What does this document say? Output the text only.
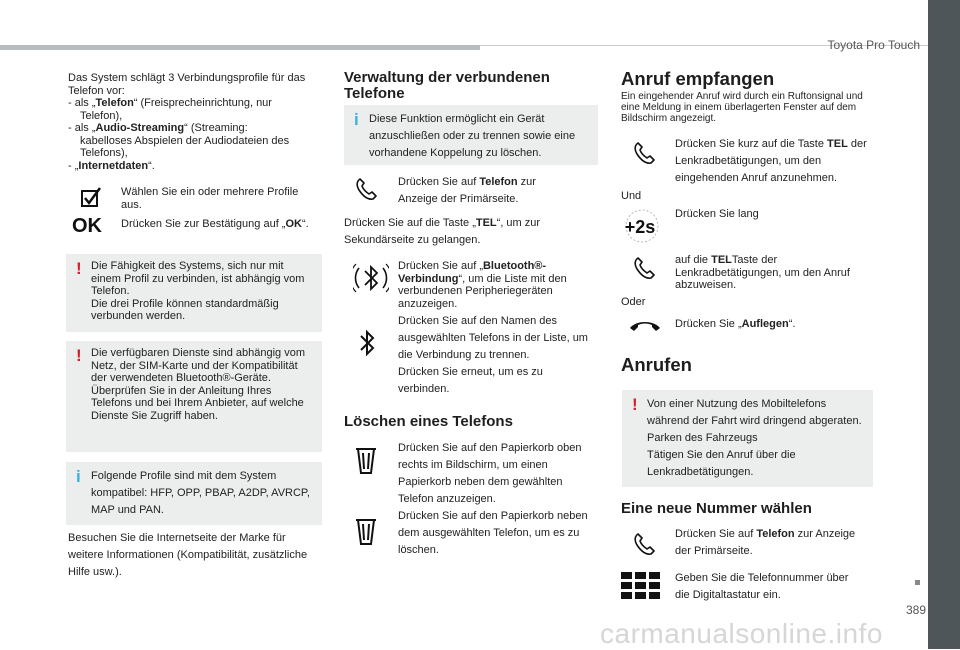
Toyota Pro Touch

Das System schlägt 3 Verbindungsprofile für das Telefon vor:

- als „Telefon“ (Freisprecheinrichtung, nur

Telefon),

- als „Audio-Streaming“ (Streaming:

kabelloses Abspielen der Audiodateien des Telefons),

- „Internetdaten“.

Wählen Sie ein oder mehrere Profile aus.
OK Drücken Sie zur Bestätigung auf „OK“.
! Die Fähigkeit des Systems, sich nur mit einem Profil zu verbinden, ist abhängig vom Telefon.
Die drei Profile können standardmäßig verbunden werden.
! Die verfügbaren Dienste sind abhängig vom Netz, der SIM-Karte und der Kompatibilität der verwendeten Bluetooth®-Geräte. Überprüfen Sie in der Anleitung Ihres Telefons und bei Ihrem Anbieter, auf welche Dienste Sie Zugriff haben.
i Folgende Profile sind mit dem System kompatibel: HFP, OPP, PBAP, A2DP, AVRCP, MAP und PAN.
Besuchen Sie die Internetseite der Marke für weitere Informationen (Kompatibilität, zusätzliche Hilfe usw.).
Verwaltung der verbundenen Telefone
i Diese Funktion ermöglicht ein Gerät anzuschließen oder zu trennen sowie eine vorhandene Koppelung zu löschen.
Drücken Sie auf Telefon zur Anzeige der Primärseite.
Drücken Sie auf die Taste „TEL“, um zur Sekundärseite zu gelangen.
Drücken Sie auf „Bluetooth®-Verbindung“, um die Liste mit den verbundenen Peripheriegeräten anzuzeigen.
Drücken Sie auf den Namen des ausgewählten Telefons in der Liste, um die Verbindung zu trennen.
Drücken Sie erneut, um es zu verbinden.
Löschen eines Telefons
Drücken Sie auf den Papierkorb oben rechts im Bildschirm, um einen Papierkorb neben dem gewählten Telefon anzuzeigen.
Drücken Sie auf den Papierkorb neben dem ausgewählten Telefon, um es zu löschen.
Anruf empfangen
Ein eingehender Anruf wird durch ein Ruftonsignal und eine Meldung in einem überlagerten Fenster auf dem Bildschirm angezeigt.
Drücken Sie kurz auf die Taste TEL der Lenkradbetätigungen, um den eingehenden Anruf anzunehmen.
Und
+2s
Drücken Sie lang
auf die TELTaste der Lenkradbetätigungen, um den Anruf abzuweisen.
Oder
Drücken Sie „Auflegen“.
Anrufen
! Von einer Nutzung des Mobiltelefons während der Fahrt wird dringend abgeraten.
Parken des Fahrzeugs
Tätigen Sie den Anruf über die Lenkradbetätigungen.
Eine neue Nummer wählen
Drücken Sie auf Telefon zur Anzeige der Primärseite.
Geben Sie die Telefonnummer über die Digitaltastatur ein.
389
carmanualsonline.info
